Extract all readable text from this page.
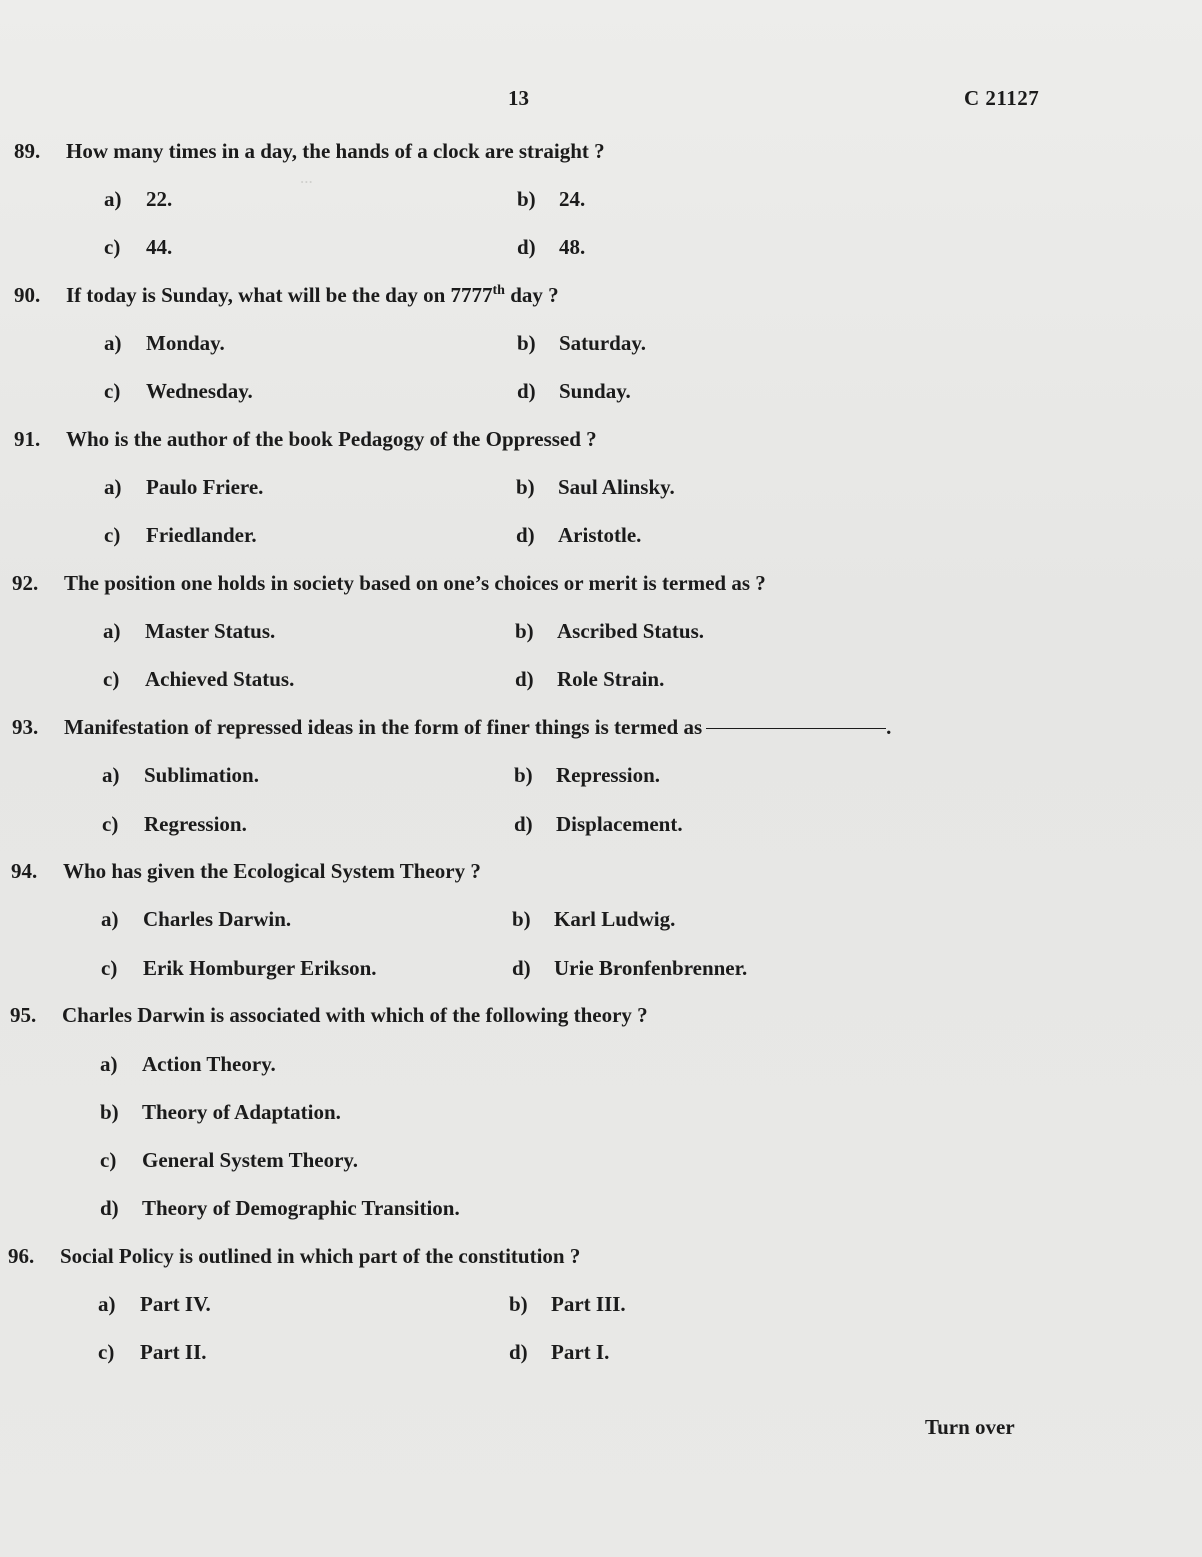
...
13	C 21127
89. How many times in a day, the hands of a clock are straight ?
a) 22.	b) 24.
c) 44.	d) 48.
90. If today is Sunday, what will be the day on 7777th day ?
a) Monday.	b) Saturday.
c) Wednesday.	d) Sunday.
91. Who is the author of the book Pedagogy of the Oppressed ?
a) Paulo Friere.	b) Saul Alinsky.
c) Friedlander.	d) Aristotle.
92. The position one holds in society based on one’s choices or merit is termed as ?
a) Master Status.	b) Ascribed Status.
c) Achieved Status.	d) Role Strain.
93. Manifestation of repressed ideas in the form of finer things is termed as	.
a) Sublimation.	b) Repression.
c) Regression.	d) Displacement.
94. Who has given the Ecological System Theory ?
a) Charles Darwin.	b) Karl Ludwig.
c) Erik Homburger Erikson.	d) Urie Bronfenbrenner.
95. Charles Darwin is associated with which of the following theory ?
a) Action Theory.
b) Theory of Adaptation.
c) General System Theory.
d) Theory of Demographic Transition.
96. Social Policy is outlined in which part of the constitution ?
a) Part IV.	b) Part III.
c) Part II.	d) Part I.
Turn over
